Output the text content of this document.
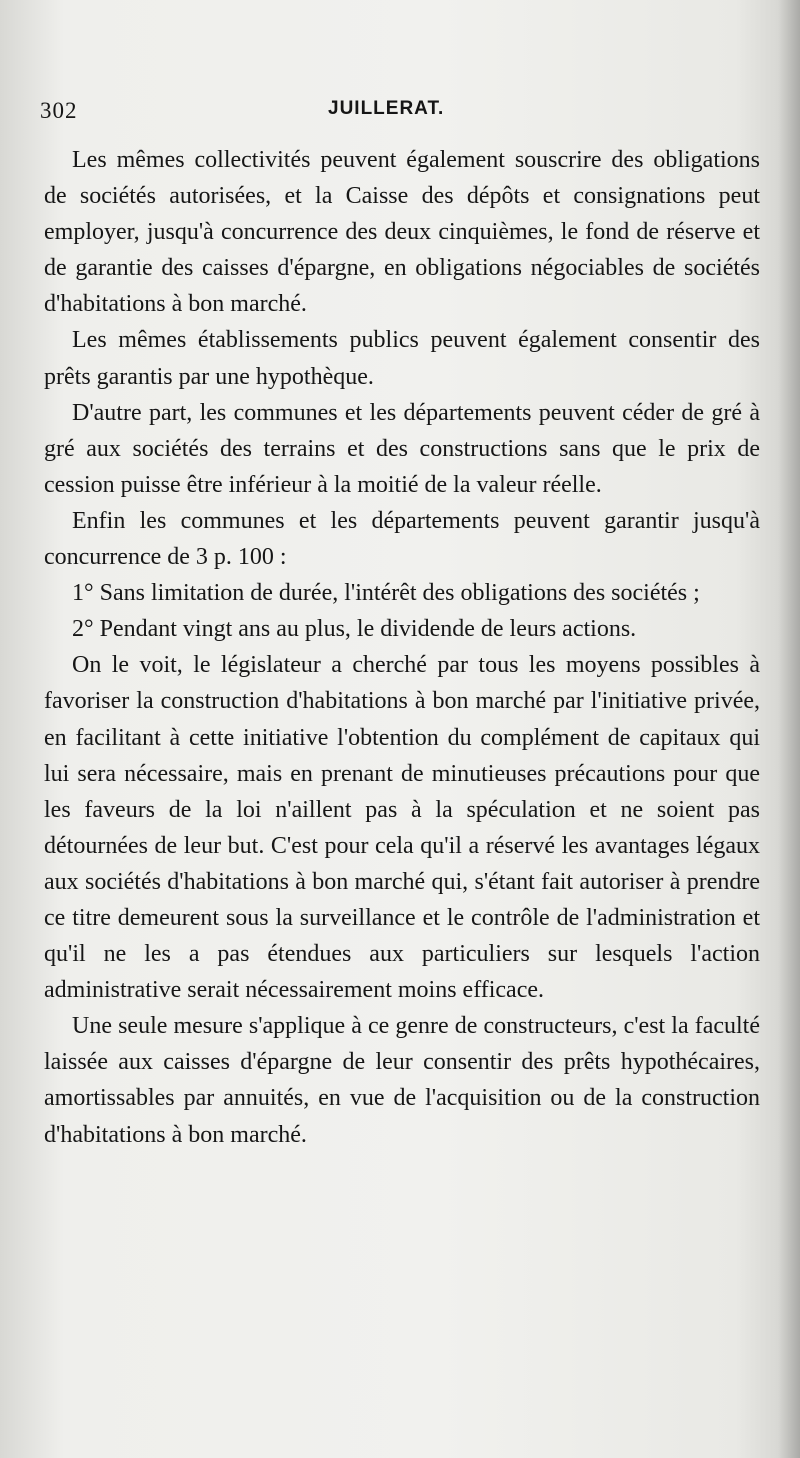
302	JUILLERAT.

Les mêmes collectivités peuvent également souscrire des obligations de sociétés autorisées, et la Caisse des dépôts et consignations peut employer, jusqu'à concurrence des deux cinquièmes, le fond de réserve et de garantie des caisses d'épargne, en obligations négociables de sociétés d'habitations à bon marché.

Les mêmes établissements publics peuvent également consentir des prêts garantis par une hypothèque.

D'autre part, les communes et les départements peuvent céder de gré à gré aux sociétés des terrains et des constructions sans que le prix de cession puisse être inférieur à la moitié de la valeur réelle.

Enfin les communes et les départements peuvent garantir jusqu'à concurrence de 3 p. 100 :

1° Sans limitation de durée, l'intérêt des obligations des sociétés ;

2° Pendant vingt ans au plus, le dividende de leurs actions.

On le voit, le législateur a cherché par tous les moyens possibles à favoriser la construction d'habitations à bon marché par l'initiative privée, en facilitant à cette initiative l'obtention du complément de capitaux qui lui sera nécessaire, mais en prenant de minutieuses précautions pour que les faveurs de la loi n'aillent pas à la spéculation et ne soient pas détournées de leur but. C'est pour cela qu'il a réservé les avantages légaux aux sociétés d'habitations à bon marché qui, s'étant fait autoriser à prendre ce titre demeurent sous la surveillance et le contrôle de l'administration et qu'il ne les a pas étendues aux particuliers sur lesquels l'action administrative serait nécessairement moins efficace.

Une seule mesure s'applique à ce genre de constructeurs, c'est la faculté laissée aux caisses d'épargne de leur consentir des prêts hypothécaires, amortissables par annuités, en vue de l'acquisition ou de la construction d'habitations à bon marché.
